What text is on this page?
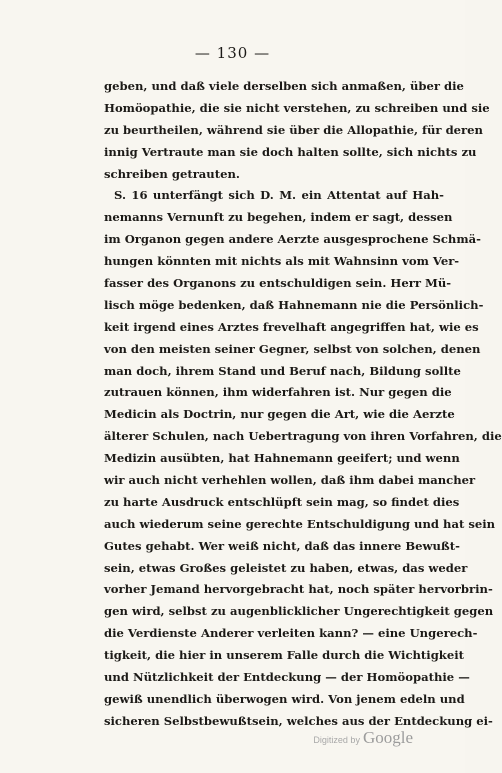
— 130 —
geben, und daß viele derselben sich anmaßen, über die
Homöopathie, die sie nicht verstehen, zu schreiben und sie
zu beurtheilen, während sie über die Allopathie, für deren
innig Vertraute man sie doch halten sollte, sich nichts zu
schreiben getrauten.
S. 16 unterfängt sich D. M. ein Attentat auf Hah-
nemanns Vernunft zu begehen, indem er sagt, dessen
im Organon gegen andere Aerzte ausgesprochene Schmä-
hungen könnten mit nichts als mit Wahnsinn vom Ver-
fasser des Organons zu entschuldigen sein. Herr Mü-
lisch möge bedenken, daß Hahnemann nie die Persönlich-
keit irgend eines Arztes frevelhaft angegriffen hat, wie es
von den meisten seiner Gegner, selbst von solchen, denen
man doch, ihrem Stand und Beruf nach, Bildung sollte
zutrauen können, ihm widerfahren ist. Nur gegen die
Medicin als Doctrin, nur gegen die Art, wie die Aerzte
älterer Schulen, nach Uebertragung von ihren Vorfahren, die
Medizin ausübten, hat Hahnemann geeifert; und wenn
wir auch nicht verhehlen wollen, daß ihm dabei mancher
zu harte Ausdruck entschlüpft sein mag, so findet dies
auch wiederum seine gerechte Entschuldigung und hat sein
Gutes gehabt. Wer weiß nicht, daß das innere Bewußt-
sein, etwas Großes geleistet zu haben, etwas, das weder
vorher Jemand hervorgebracht hat, noch später hervorbrin-
gen wird, selbst zu augenblicklicher Ungerechtigkeit gegen
die Verdienste Anderer verleiten kann? — eine Ungerech-
tigkeit, die hier in unserem Falle durch die Wichtigkeit
und Nützlichkeit der Entdeckung — der Homöopathie —
gewiß unendlich überwogen wird. Von jenem edeln und
sicheren Selbstbewußtsein, welches aus der Entdeckung ei-
Digitized by Google
